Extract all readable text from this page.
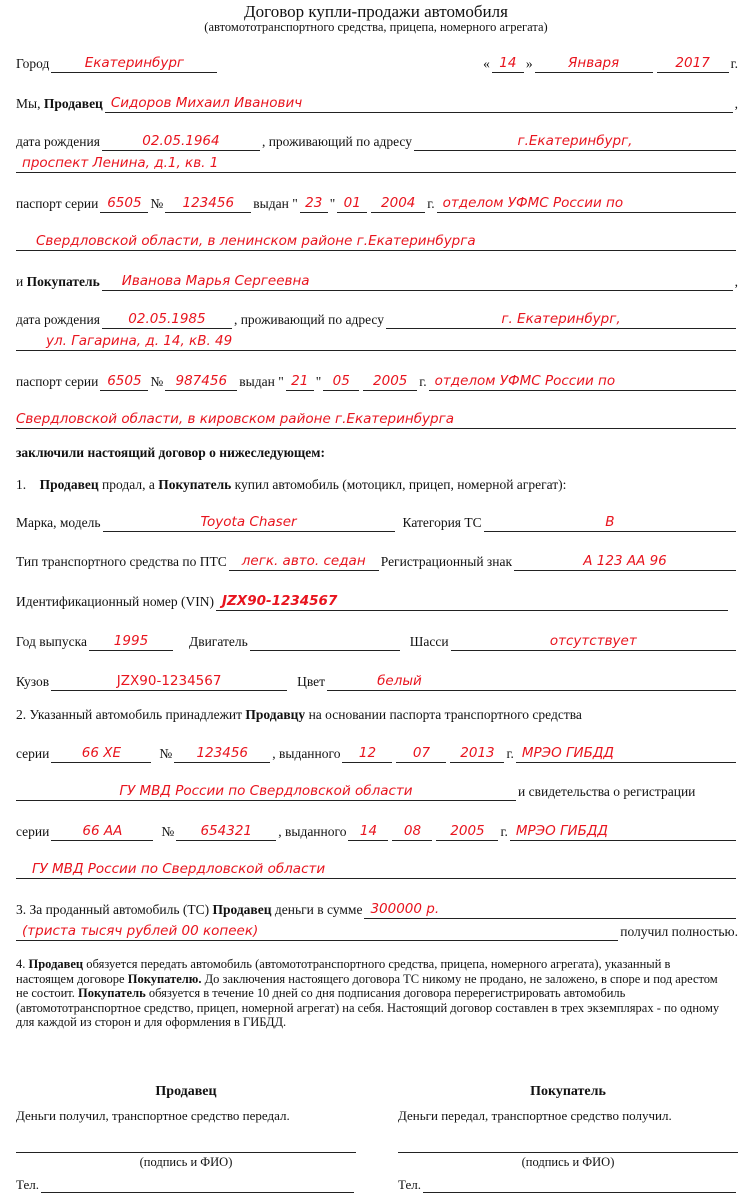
Договор купли-продажи автомобиля
(автомототранспортного средства, прицепа, номерного агрегата)
Город	Екатеринбург	« 14 »	Января	2017	г.
Мы,
Продавец Сидоров Михаил Иванович	,
дата рождения	02.05.1964	, проживающий по адресу	г.Екатеринбург,
проспект Ленина, д.1, кв. 1
паспорт серии 6505 №	123456	выдан " 23 " 01	2004 г. отделом УФМС России по
Свердловской области, в ленинском районе г.Екатеринбурга
и
Покупатель	Иванова Марья Сергеевна	,
дата рождения	02.05.1985	, проживающий по адресу	г. Екатеринбург,
ул. Гагарина, д. 14, кВ. 49
паспорт серии 6505 № 987456 выдан " 21 " 05	2005 г. отделом УФМС России по
Свердловской области, в кировском районе г.Екатеринбурга
заключили настоящий договор о нижеследующем:
1.
Продавец
продал, а
Покупатель
купил автомобиль (мотоцикл, прицеп, номерной агрегат):
Марка, модель	Toyota Chaser	Категория ТС	В
Тип транспортного средства по ПТС	легк. авто. седан	Регистрационный знак	А 123 АА 96
Идентификационный номер (VIN) JZX90-1234567
Год выпуска	1995	Двигатель	Шасси	отсутствует
Кузов	JZX90-1234567	Цвет	белый
2. Указанный автомобиль принадлежит
Продавцу
на основании паспорта транспортного средства
серии	66 ХЕ	№	123456	, выданного	12	07	2013 г. МРЭО ГИБДД
ГУ МВД России по Свердловской области	и свидетельства о регистрации
серии	66 АА	№	654321	, выданного 14	08	2005	г. МРЭО ГИБДД
ГУ МВД России по Свердловской области
3. За проданный автомобиль (ТС)
Продавец
деньги в сумме 300000 р.
(триста тысяч рублей 00 копеек)	получил полностью.
4. Продавец обязуется передать автомобиль (автомототранспортного средства, прицепа, номерного агрегата), указанный в настоящем договоре Покупателю. До заключения настоящего договора ТС никому не продано, не заложено, в споре и под арестом не состоит. Покупатель обязуется в течение 10 дней со дня подписания договора перерегистрировать автомобиль (автомототранспортное средство, прицеп, номерной агрегат) на себя. Настоящий договор составлен в трех экземплярах - по одному для каждой из сторон и для оформления в ГИБДД.
Продавец
Деньги получил, транспортное средство передал.
(подпись и ФИО)
Тел.
Покупатель
Деньги передал, транспортное средство получил.
(подпись и ФИО)
Тел.
